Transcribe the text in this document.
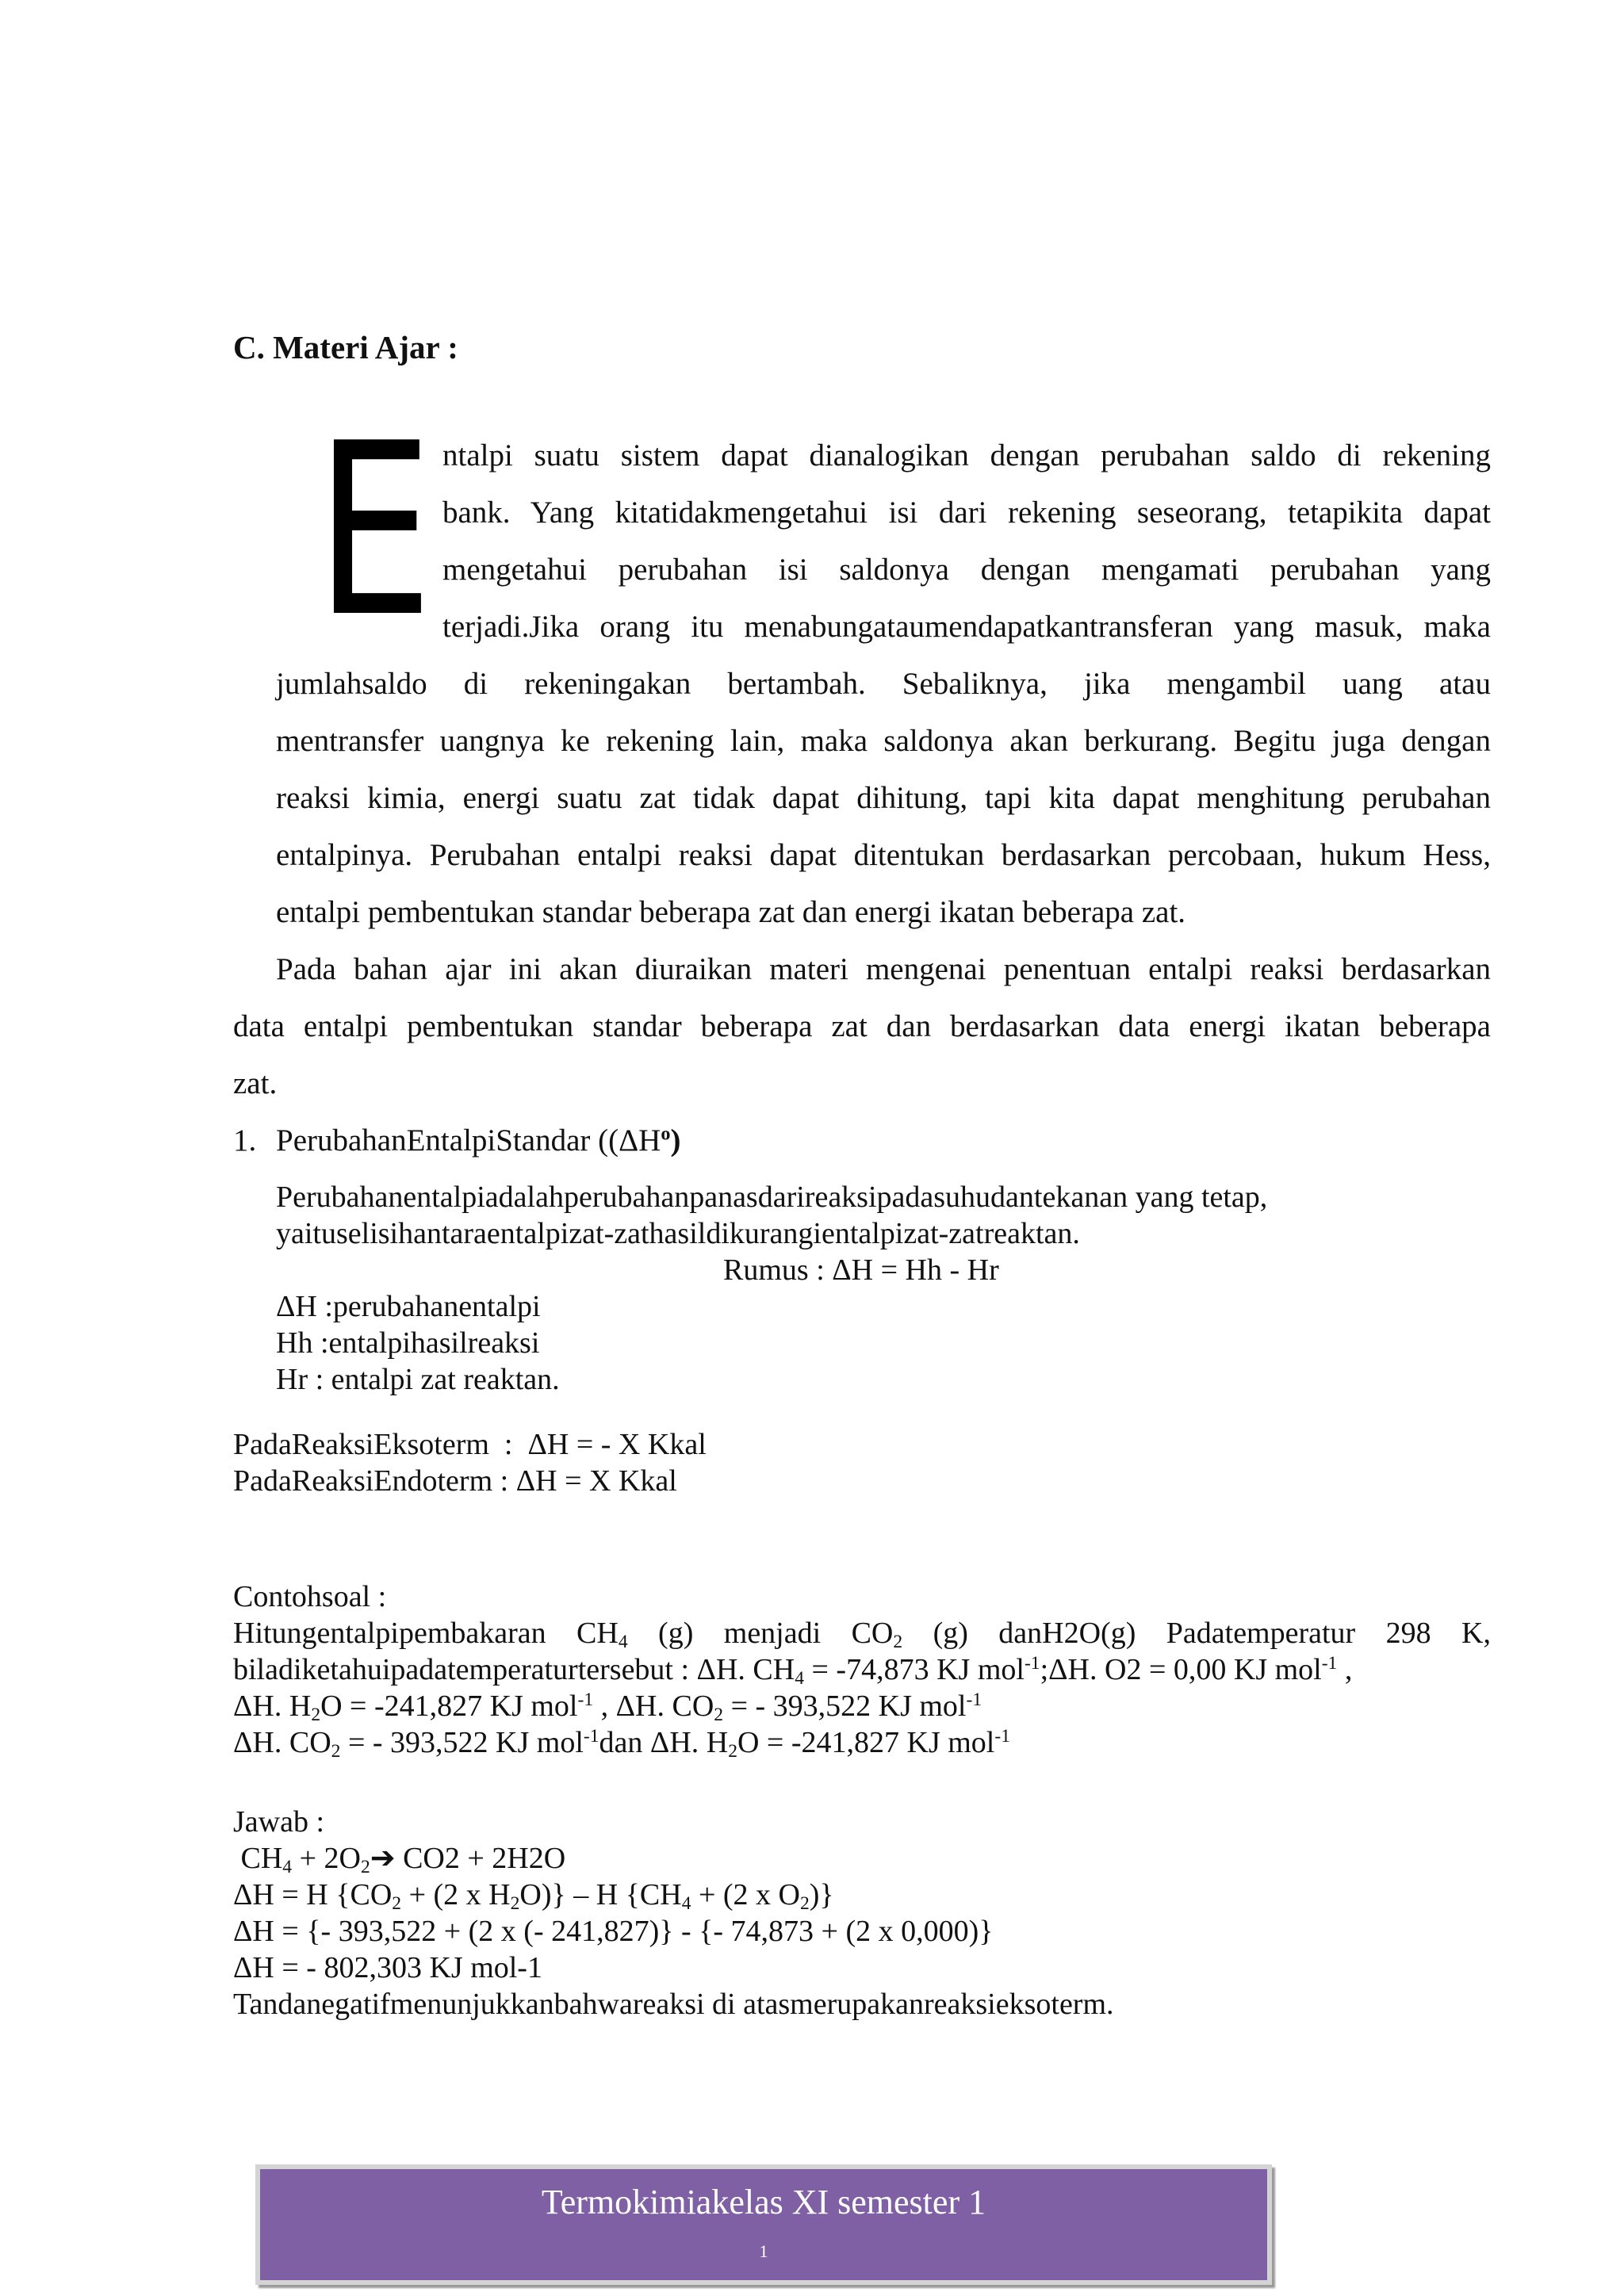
C. Materi Ajar :
E ntalpi suatu sistem dapat dianalogikan dengan perubahan saldo di rekening
bank. Yang kitatidakmengetahui isi dari rekening seseorang, tetapikita dapat
mengetahui perubahan isi saldonya dengan mengamati perubahan yang
terjadi.Jika orang itu menabungataumendapatkantransferan yang masuk, maka
jumlahsaldo di rekeningakan bertambah. Sebaliknya, jika mengambil uang atau
mentransfer uangnya ke rekening lain, maka saldonya akan berkurang. Begitu juga dengan
reaksi kimia, energi suatu zat tidak dapat dihitung, tapi kita dapat menghitung perubahan
entalpinya. Perubahan entalpi reaksi dapat ditentukan berdasarkan percobaan, hukum Hess,
entalpi pembentukan standar beberapa zat dan energi ikatan beberapa zat.
Pada bahan ajar ini akan diuraikan materi mengenai penentuan entalpi reaksi berdasarkan
data entalpi pembentukan standar beberapa zat dan berdasarkan data energi ikatan beberapa
zat.
1. PerubahanEntalpiStandar ($(\Delta H^o)$
Perubahanentalpiadalahperubahanpanasdarireaksipadasuhudantekanan yang tetap,
yaituselisihantaraentalpizat-zathasildikurangientalpizat-zatreaktan.
Rumus : ΔH = Hh - Hr
ΔH :perubahanentalpi
Hh :entalpihasilreaksi
Hr : entalpi zat reaktan.
PadaReaksiEksoterm  :  ΔH = - X Kkal
PadaReaksiEndoterm : ΔH = X Kkal
Contohsoal :
Hitungentalpipembakaran $CH_4$ (g) menjadi $CO_2$ (g) danH2O(g) Padatemperatur 298 K,
biladiketahuipadatemperaturtersebut : ΔH. $CH_4 = -74,873$ KJ mol$^{-1}$;ΔH. O2 = 0,00 KJ mol$^{-1}$ ,
ΔH. $H_2O = -241,827$ KJ mol$^{-1}$ , ΔH. $CO_2$ = - 393,522 KJ mol$^{-1}$
ΔH. $CO_2$ = - 393,522 KJ mol$^{-1}$dan ΔH. $H_2O = -241,827$ KJ mol$^{-1}$
Jawab :
$CH_4$ + $2O_2➔$ CO2 + 2H2O
ΔH = H {$CO_2 + (2$ x $H_2O$)} – H {$CH_4 + (2$ x $O_2$)}
ΔH = {- 393,522 + (2 x (- 241,827)} - {- 74,873 + (2 x 0,000)}
ΔH = - 802,303 KJ mol-1
Tandanegatifmenunjukkanbahwareaksi di atasmerupakanreaksieksoterm.
Termokimiakelas XI semester 1
1
